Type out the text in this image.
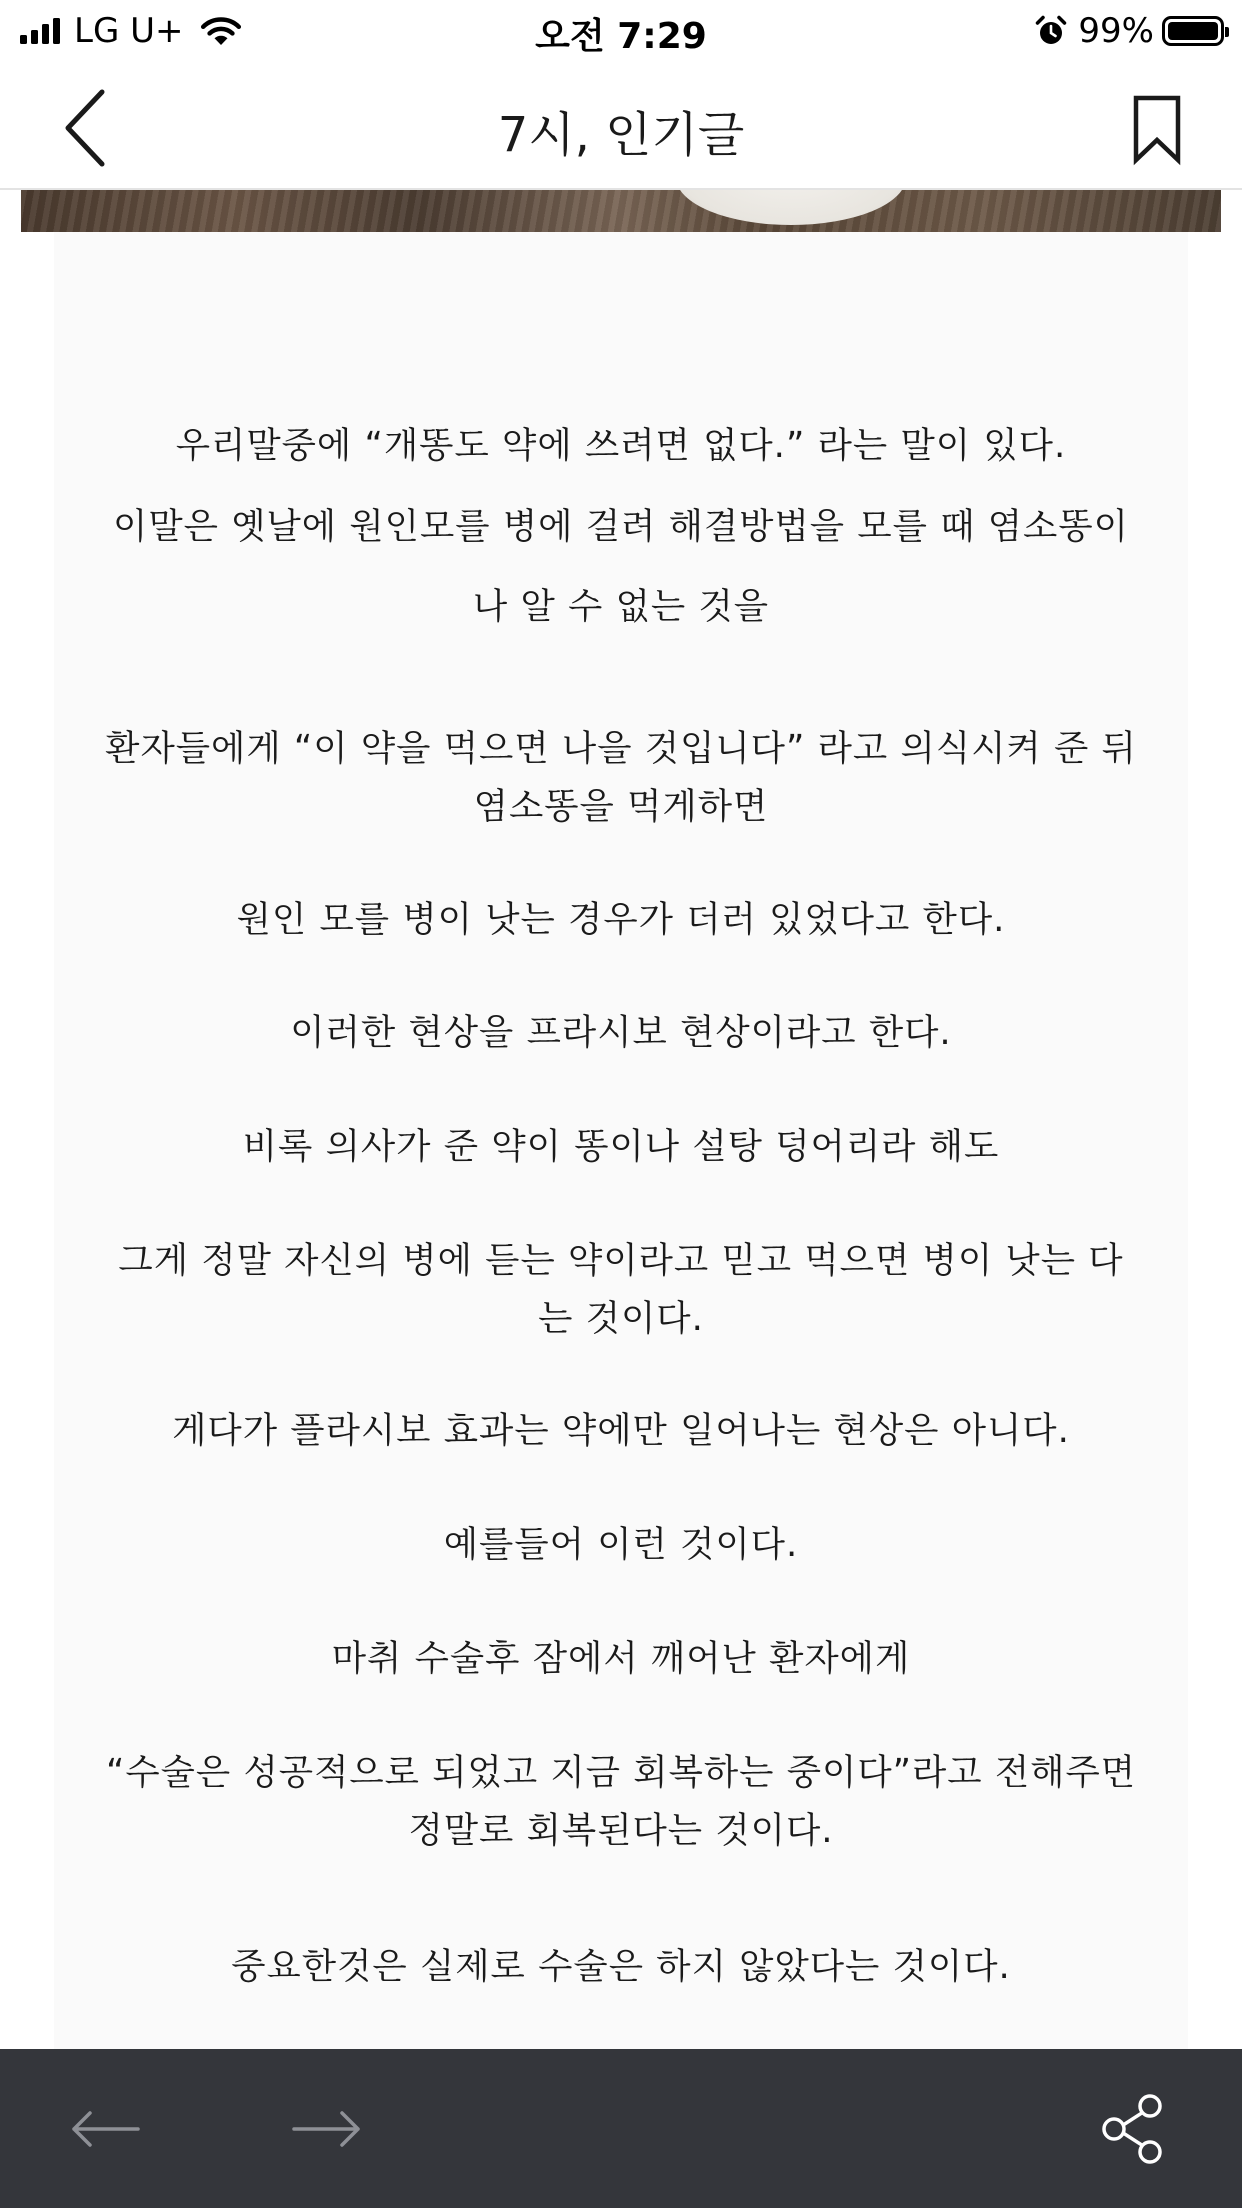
LG U+	오전 7:29	99%
7시, 인기글

우리말중에 “개똥도 약에 쓰려면 없다.” 라는 말이 있다.

이말은 옛날에 원인모를 병에 걸려 해결방법을 모를 때 염소똥이

나 알 수 없는 것을

환자들에게 “이 약을 먹으면 나을 것입니다” 라고 의식시켜 준 뒤
염소똥을 먹게하면

원인 모를 병이 낫는 경우가 더러 있었다고 한다.

이러한 현상을 프라시보 현상이라고 한다.

비록 의사가 준 약이 똥이나 설탕 덩어리라 해도

그게 정말 자신의 병에 듣는 약이라고 믿고 먹으면 병이 낫는 다
는 것이다.

게다가 플라시보 효과는 약에만 일어나는 현상은 아니다.

예를들어 이런 것이다.

마취 수술후 잠에서 깨어난 환자에게

“수술은 성공적으로 되었고 지금 회복하는 중이다”라고 전해주면
정말로 회복된다는 것이다.

중요한것은 실제로 수술은 하지 않았다는 것이다.
